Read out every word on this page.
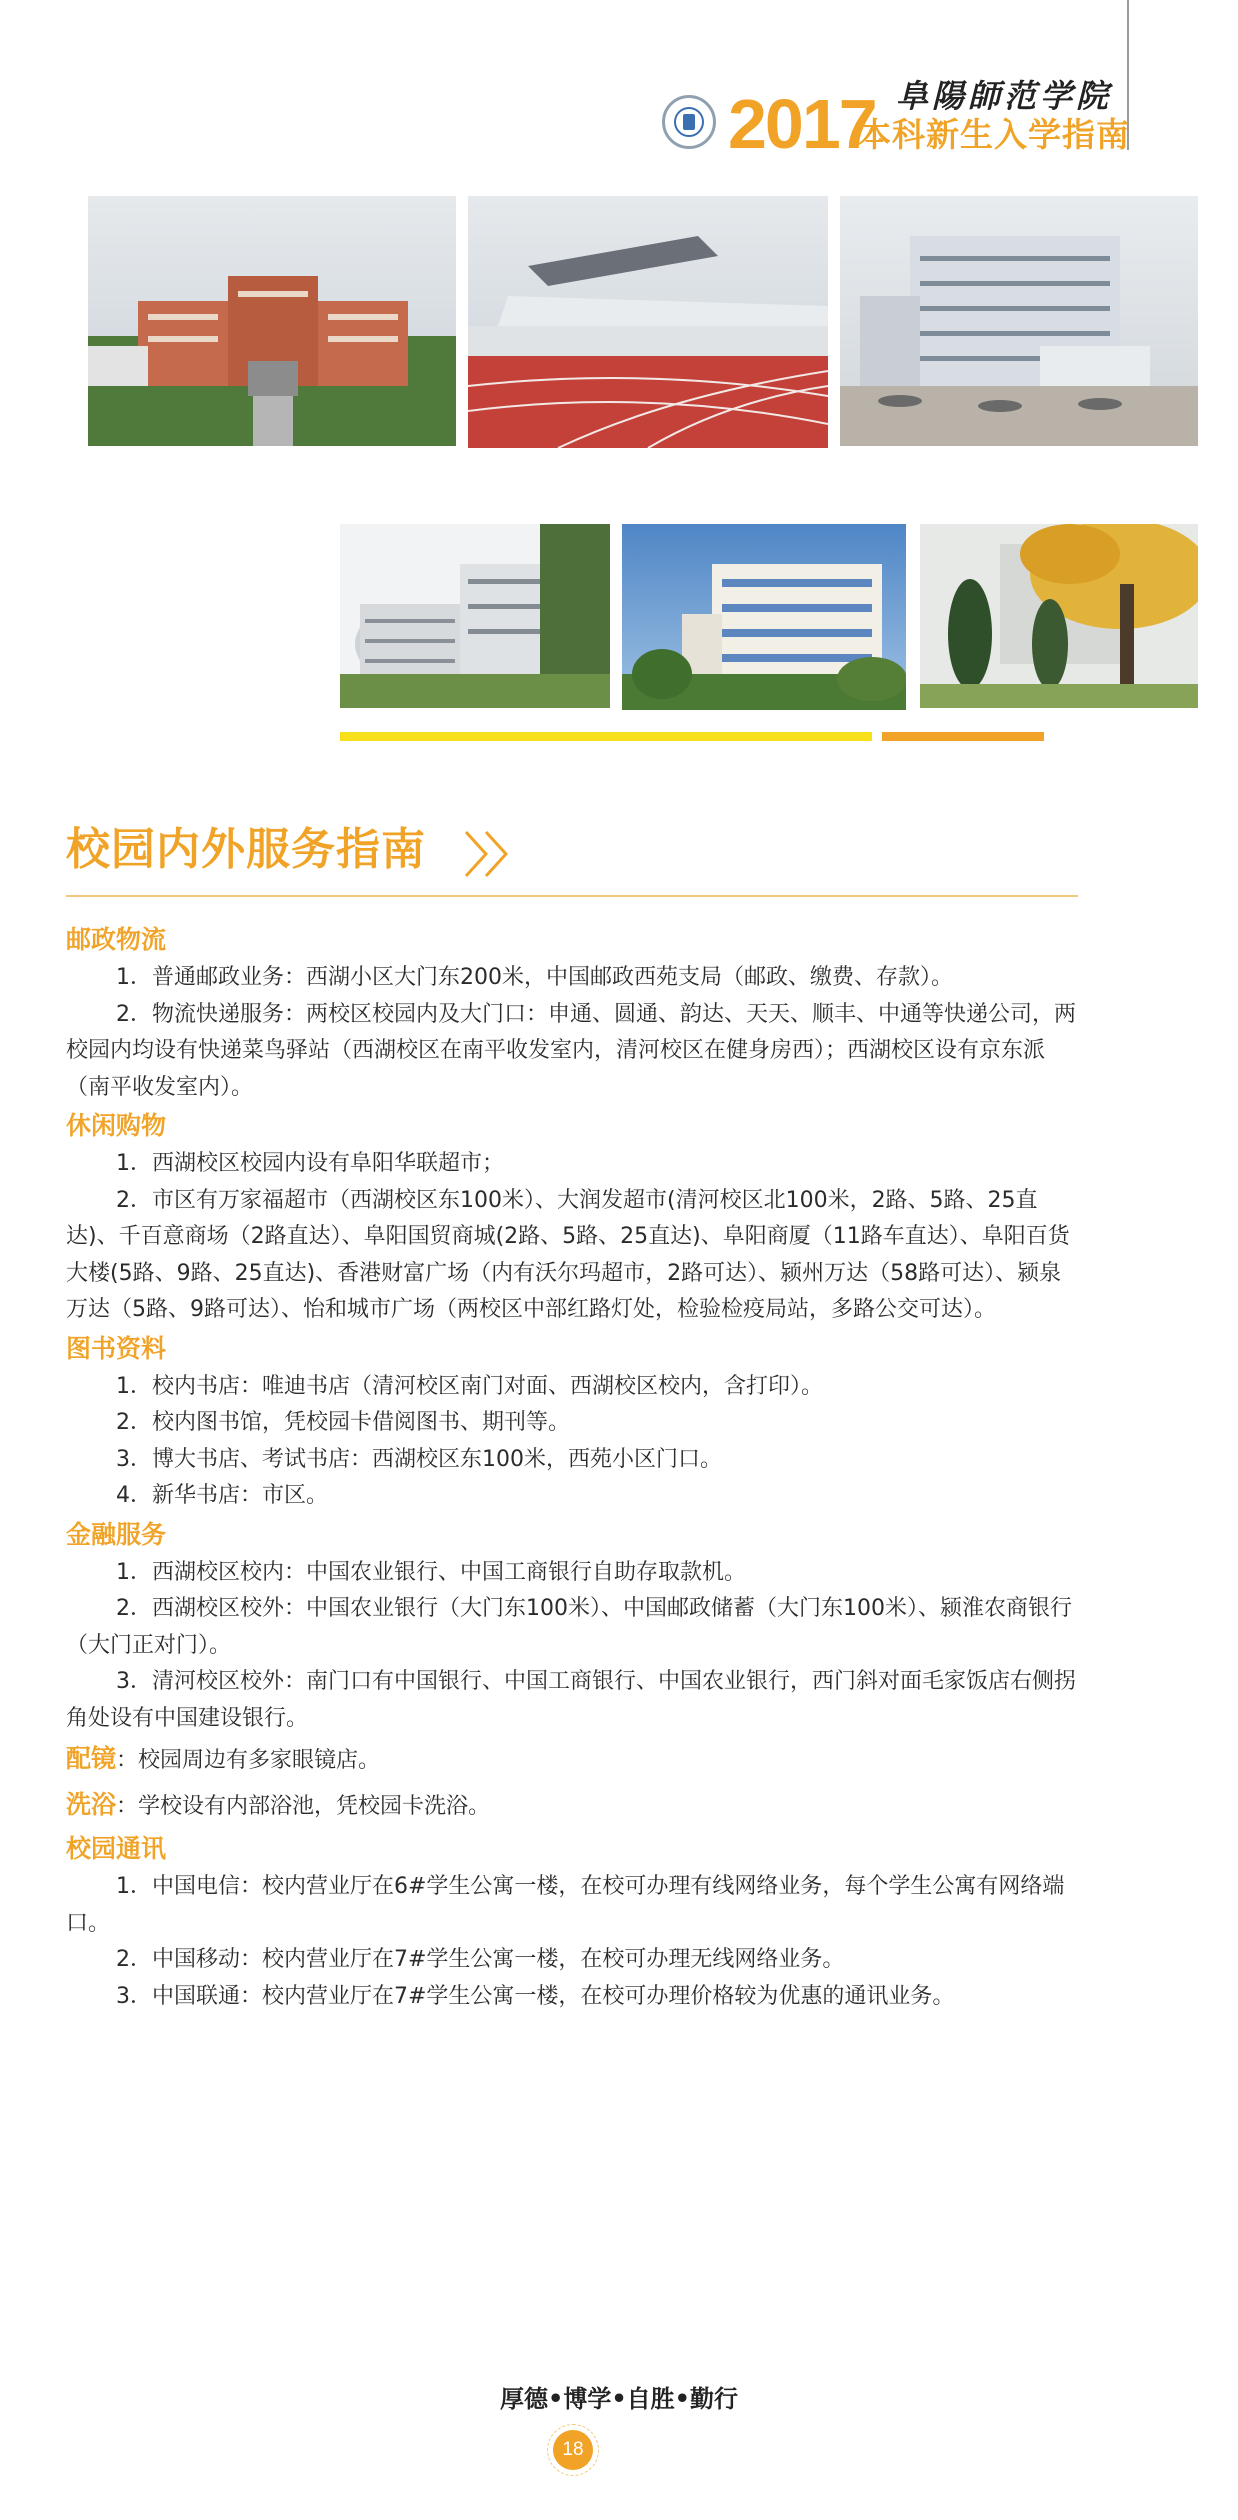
2017 阜陽師范学院
本科新生入学指南
校园内外服务指南
邮政物流
1．普通邮政业务：西湖小区大门东200米，中国邮政西苑支局（邮政、缴费、存款）。
2．物流快递服务：两校区校园内及大门口：申通、圆通、韵达、天天、顺丰、中通等快递公司，两校园内均设有快递菜鸟驿站（西湖校区在南平收发室内，清河校区在健身房西）；西湖校区设有京东派（南平收发室内）。
休闲购物
1．西湖校区校园内设有阜阳华联超市；
2．市区有万家福超市（西湖校区东100米）、大润发超市(清河校区北100米，2路、5路、25直达)、千百意商场（2路直达）、阜阳国贸商城(2路、5路、25直达)、阜阳商厦（11路车直达）、阜阳百货大楼(5路、9路、25直达)、香港财富广场（内有沃尔玛超市，2路可达）、颍州万达（58路可达）、颍泉万达（5路、9路可达）、怡和城市广场（两校区中部红路灯处，检验检疫局站，多路公交可达）。
图书资料
1．校内书店：唯迪书店（清河校区南门对面、西湖校区校内，含打印）。
2．校内图书馆，凭校园卡借阅图书、期刊等。
3．博大书店、考试书店：西湖校区东100米，西苑小区门口。
4．新华书店：市区。
金融服务
1．西湖校区校内：中国农业银行、中国工商银行自助存取款机。
2．西湖校区校外：中国农业银行（大门东100米）、中国邮政储蓄（大门东100米）、颍淮农商银行（大门正对门）。
3．清河校区校外：南门口有中国银行、中国工商银行、中国农业银行，西门斜对面毛家饭店右侧拐角处设有中国建设银行。
配镜：校园周边有多家眼镜店。
洗浴：学校设有内部浴池，凭校园卡洗浴。
校园通讯
1．中国电信：校内营业厅在6#学生公寓一楼，在校可办理有线网络业务，每个学生公寓有网络端口。
2．中国移动：校内营业厅在7#学生公寓一楼，在校可办理无线网络业务。
3．中国联通：校内营业厅在7#学生公寓一楼，在校可办理价格较为优惠的通讯业务。
厚德•博学•自胜•勤行
18
